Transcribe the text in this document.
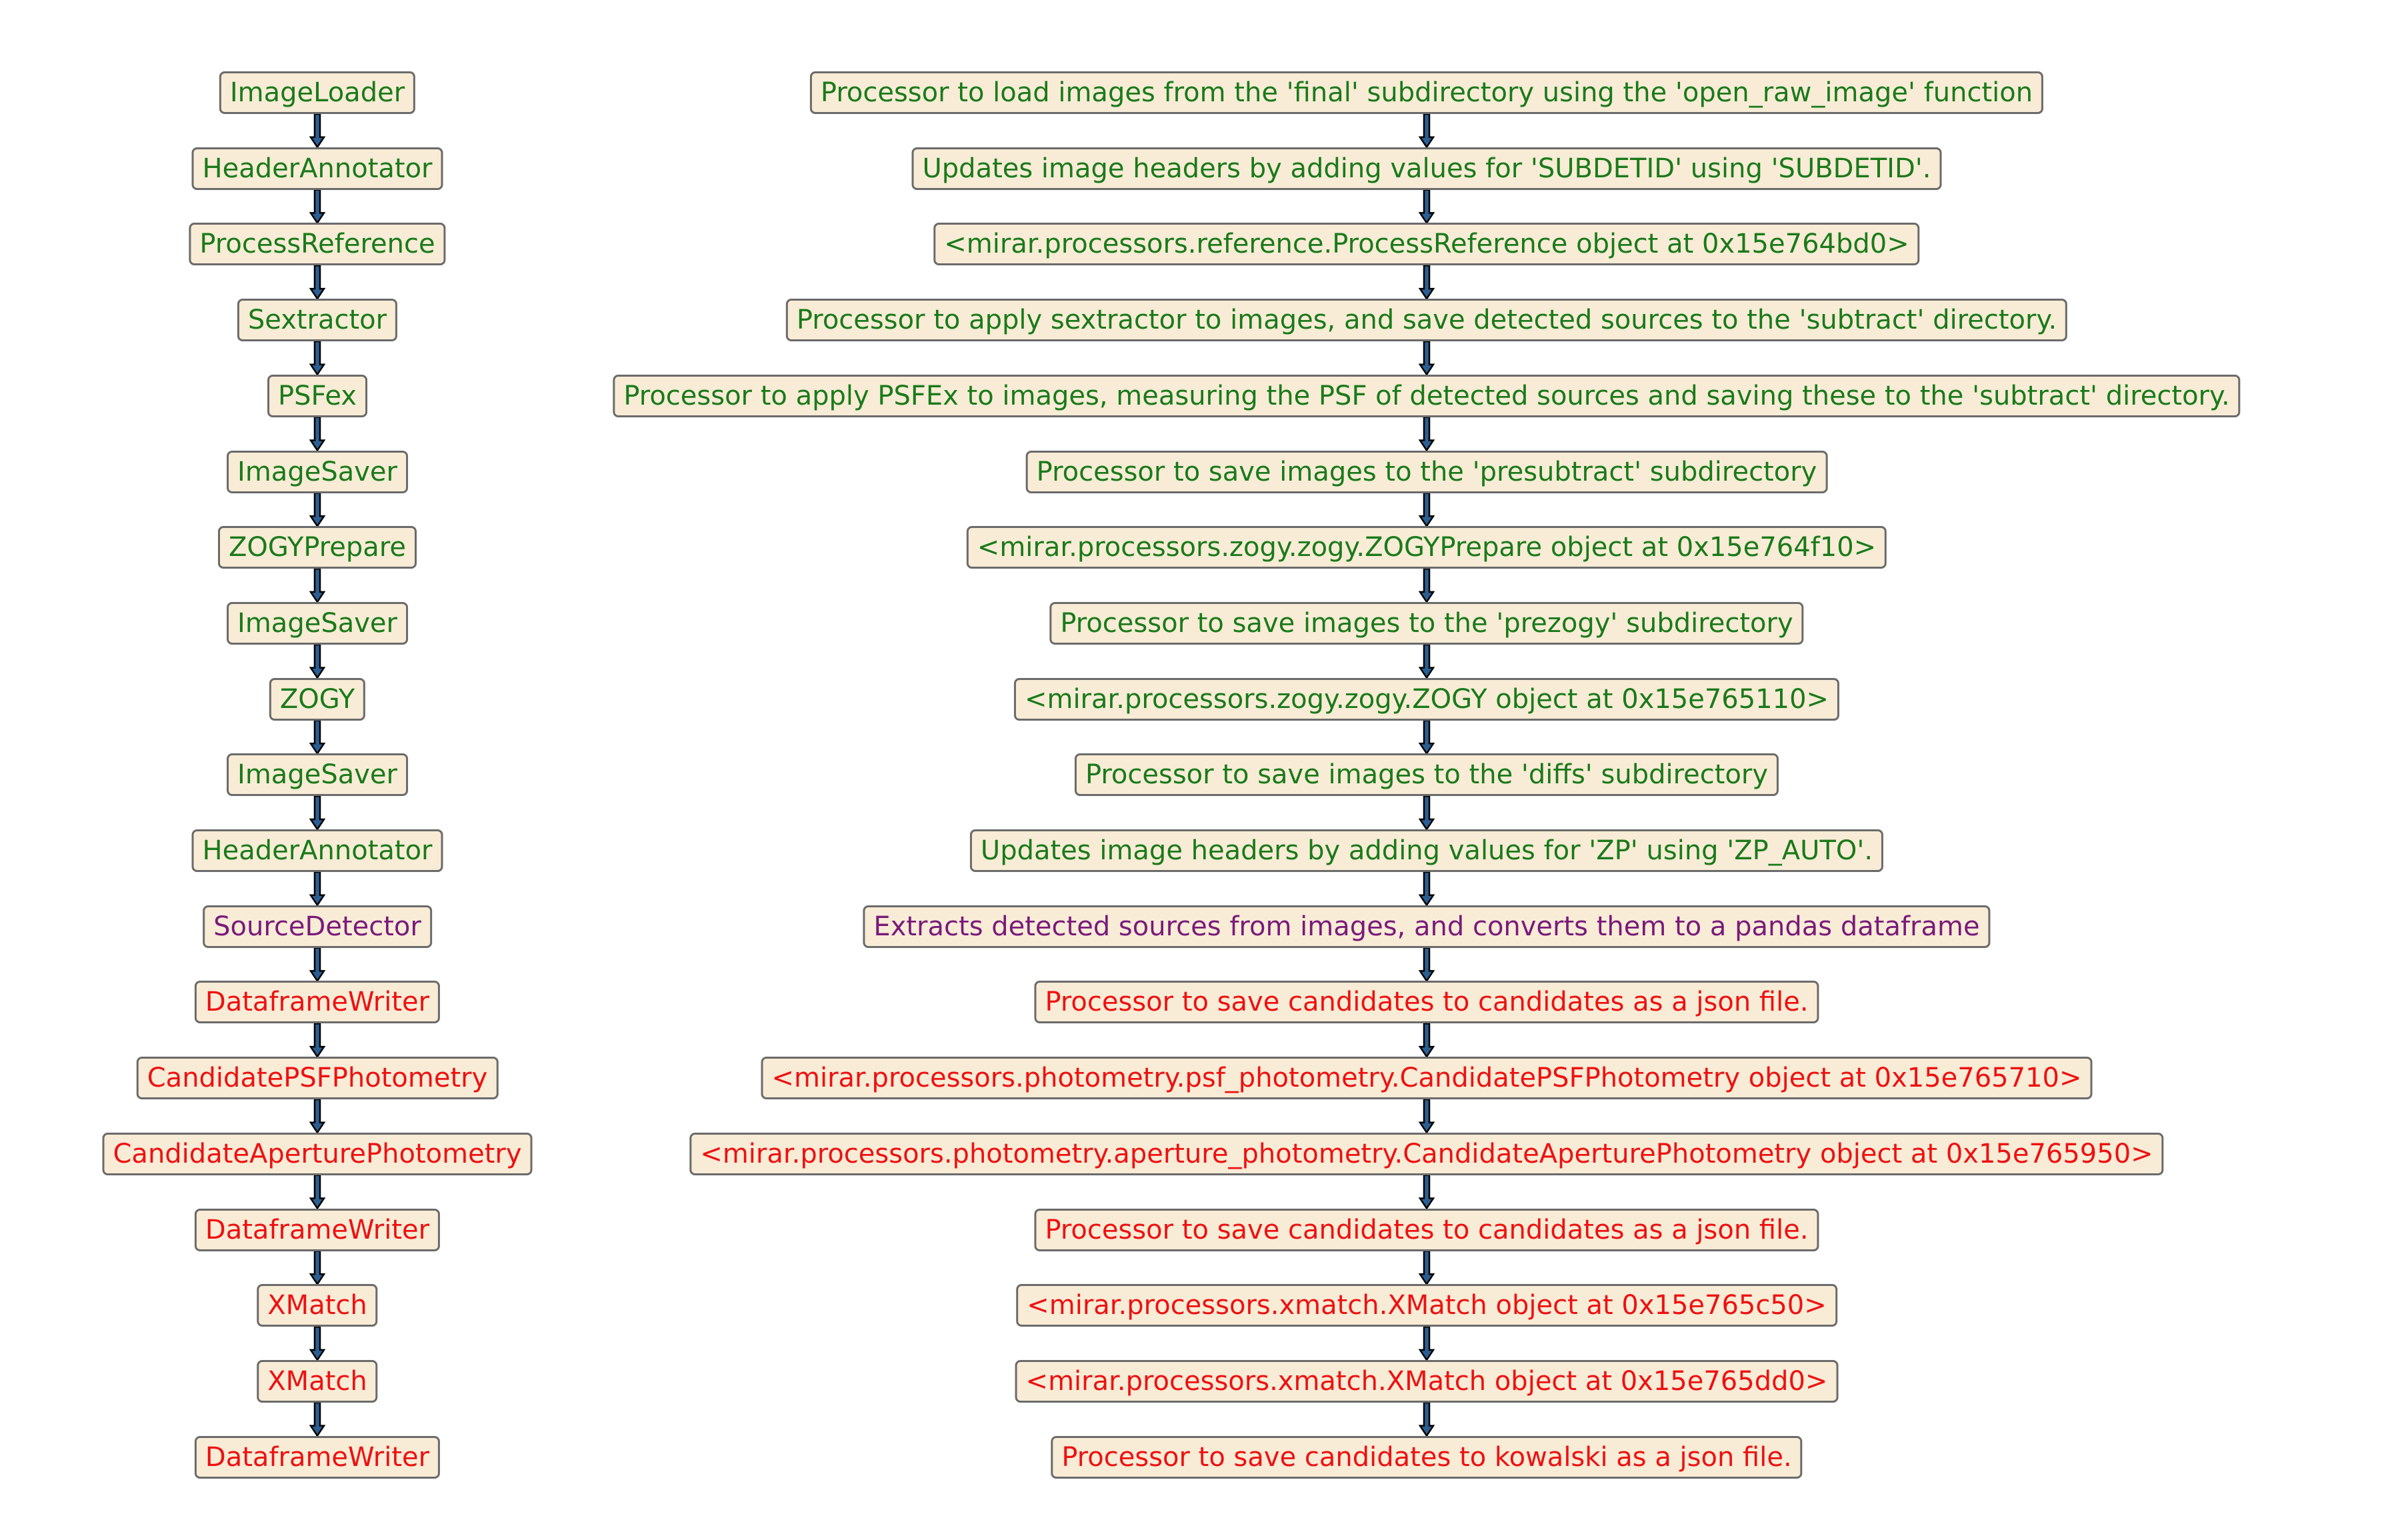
ImageLoader
HeaderAnnotator
ProcessReference
Sextractor
PSFex
ImageSaver
ZOGYPrepare
ImageSaver
ZOGY
ImageSaver
HeaderAnnotator
SourceDetector
DataframeWriter
CandidatePSFPhotometry
CandidateAperturePhotometry
DataframeWriter
XMatch
XMatch
DataframeWriter
Processor to load images from the 'final' subdirectory using the 'open_raw_image' function
Updates image headers by adding values for 'SUBDETID' using 'SUBDETID'.
<mirar.processors.reference.ProcessReference object at 0x15e764bd0>
Processor to apply sextractor to images, and save detected sources to the 'subtract' directory.
Processor to apply PSFEx to images, measuring the PSF of detected sources and saving these to the 'subtract' directory.
Processor to save images to the 'presubtract' subdirectory
<mirar.processors.zogy.zogy.ZOGYPrepare object at 0x15e764f10>
Processor to save images to the 'prezogy' subdirectory
<mirar.processors.zogy.zogy.ZOGY object at 0x15e765110>
Processor to save images to the 'diffs' subdirectory
Updates image headers by adding values for 'ZP' using 'ZP_AUTO'.
Extracts detected sources from images, and converts them to a pandas dataframe
Processor to save candidates to candidates as a json file.
<mirar.processors.photometry.psf_photometry.CandidatePSFPhotometry object at 0x15e765710>
<mirar.processors.photometry.aperture_photometry.CandidateAperturePhotometry object at 0x15e765950>
Processor to save candidates to candidates as a json file.
<mirar.processors.xmatch.XMatch object at 0x15e765c50>
<mirar.processors.xmatch.XMatch object at 0x15e765dd0>
Processor to save candidates to kowalski as a json file.
